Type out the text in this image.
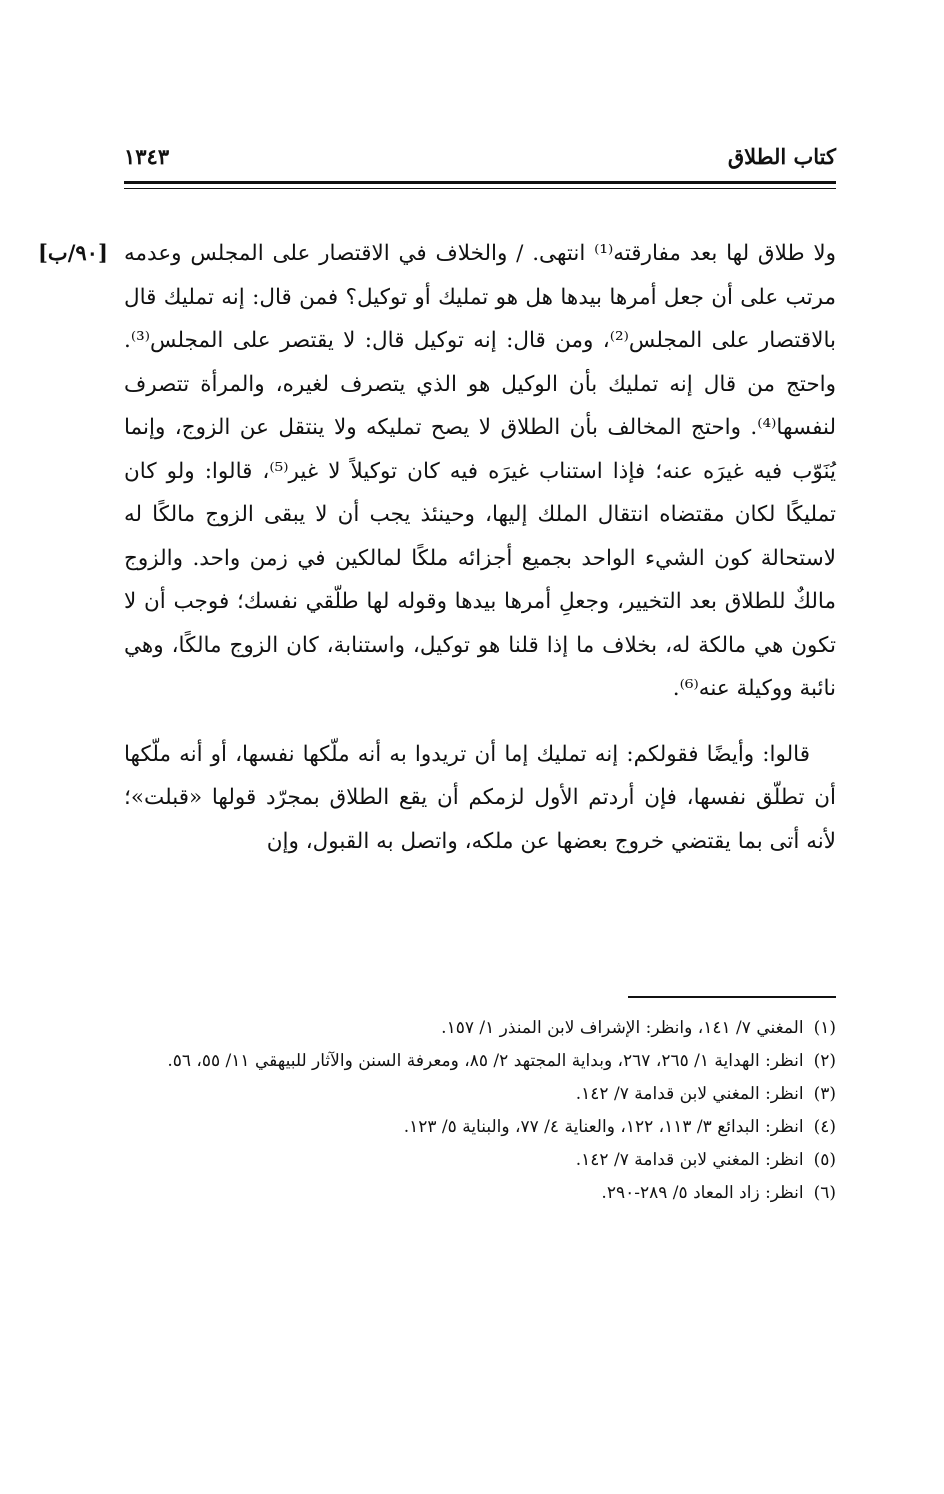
كتاب الطلاق
١٣٤٣
[٩٠/ب] ولا طلاق لها بعد مفارقته⁽¹⁾ انتهى. / والخلاف في الاقتصار على المجلس وعدمه مرتب على أن جعل أمرها بيدها هل هو تمليك أو توكيل؟ فمن قال: إنه تمليك قال بالاقتصار على المجلس⁽²⁾، ومن قال: إنه توكيل قال: لا يقتصر على المجلس⁽³⁾. واحتج من قال إنه تمليك بأن الوكيل هو الذي يتصرف لغيره، والمرأة تتصرف لنفسها⁽⁴⁾. واحتج المخالف بأن الطلاق لا يصح تمليكه ولا ينتقل عن الزوج، وإنما يُنَوّب فيه غيرَه عنه؛ فإذا استناب غيرَه فيه كان توكيلاً لا غير⁽⁵⁾، قالوا: ولو كان تمليكًا لكان مقتضاه انتقال الملك إليها، وحينئذ يجب أن لا يبقى الزوج مالكًا له لاستحالة كون الشيء الواحد بجميع أجزائه ملكًا لمالكين في زمن واحد. والزوج مالكٌ للطلاق بعد التخيير، وجعلِ أمرها بيدها وقوله لها طلّقي نفسك؛ فوجب أن لا تكون هي مالكة له، بخلاف ما إذا قلنا هو توكيل، واستنابة، كان الزوج مالكًا، وهي نائبة ووكيلة عنه⁽⁶⁾.

قالوا: وأيضًا فقولكم: إنه تمليك إما أن تريدوا به أنه ملّكها نفسها، أو أنه ملّكها أن تطلّق نفسها، فإن أردتم الأول لزمكم أن يقع الطلاق بمجرّد قولها «قبلت»؛ لأنه أتى بما يقتضي خروج بعضها عن ملكه، واتصل به القبول، وإن

(١)
المغني ٧/ ١٤١، وانظر: الإشراف لابن المنذر ١/ ١٥٧.
(٢)
انظر: الهداية ١/ ٢٦٥، ٢٦٧، وبداية المجتهد ٢/ ٨٥، ومعرفة السنن والآثار للبيهقي ١١/ ٥٥، ٥٦.
(٣)
انظر: المغني لابن قدامة ٧/ ١٤٢.
(٤)
انظر: البدائع ٣/ ١١٣، ١٢٢، والعناية ٤/ ٧٧، والبناية ٥/ ١٢٣.
(٥)
انظر: المغني لابن قدامة ٧/ ١٤٢.
(٦)
انظر: زاد المعاد ٥/ ٢٨٩-٢٩٠.
